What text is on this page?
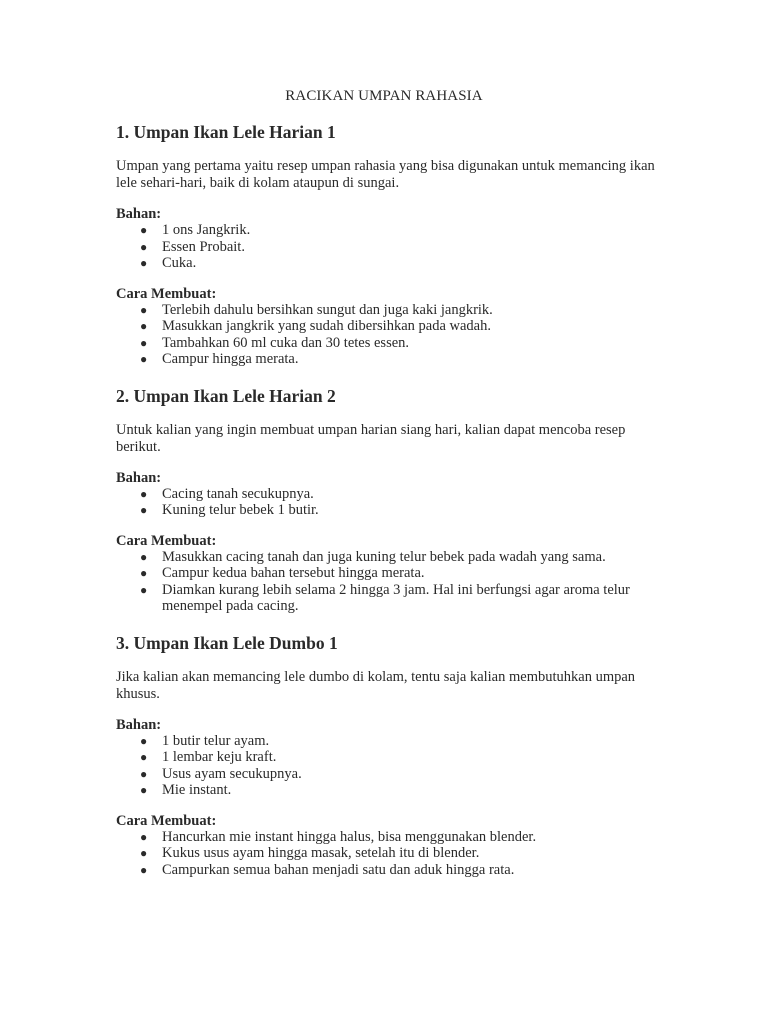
RACIKAN UMPAN RAHASIA
1. Umpan Ikan Lele Harian 1

Umpan yang pertama yaitu resep umpan rahasia yang bisa digunakan untuk memancing ikan lele sehari-hari, baik di kolam ataupun di sungai.

Bahan:

● 1 ons Jangkrik.
● Essen Probait.
● Cuka.

Cara Membuat:

● Terlebih dahulu bersihkan sungut dan juga kaki jangkrik.
● Masukkan jangkrik yang sudah dibersihkan pada wadah.
● Tambahkan 60 ml cuka dan 30 tetes essen.
● Campur hingga merata.
2. Umpan Ikan Lele Harian 2

Untuk kalian yang ingin membuat umpan harian siang hari, kalian dapat mencoba resep berikut.

Bahan:

● Cacing tanah secukupnya.
● Kuning telur bebek 1 butir.

Cara Membuat:

● Masukkan cacing tanah dan juga kuning telur bebek pada wadah yang sama.
● Campur kedua bahan tersebut hingga merata.
● Diamkan kurang lebih selama 2 hingga 3 jam. Hal ini berfungsi agar aroma telur menempel pada cacing.
3. Umpan Ikan Lele Dumbo 1

Jika kalian akan memancing lele dumbo di kolam, tentu saja kalian membutuhkan umpan khusus.

Bahan:

● 1 butir telur ayam.
● 1 lembar keju kraft.
● Usus ayam secukupnya.
● Mie instant.

Cara Membuat:

● Hancurkan mie instant hingga halus, bisa menggunakan blender.
● Kukus usus ayam hingga masak, setelah itu di blender.
● Campurkan semua bahan menjadi satu dan aduk hingga rata.
